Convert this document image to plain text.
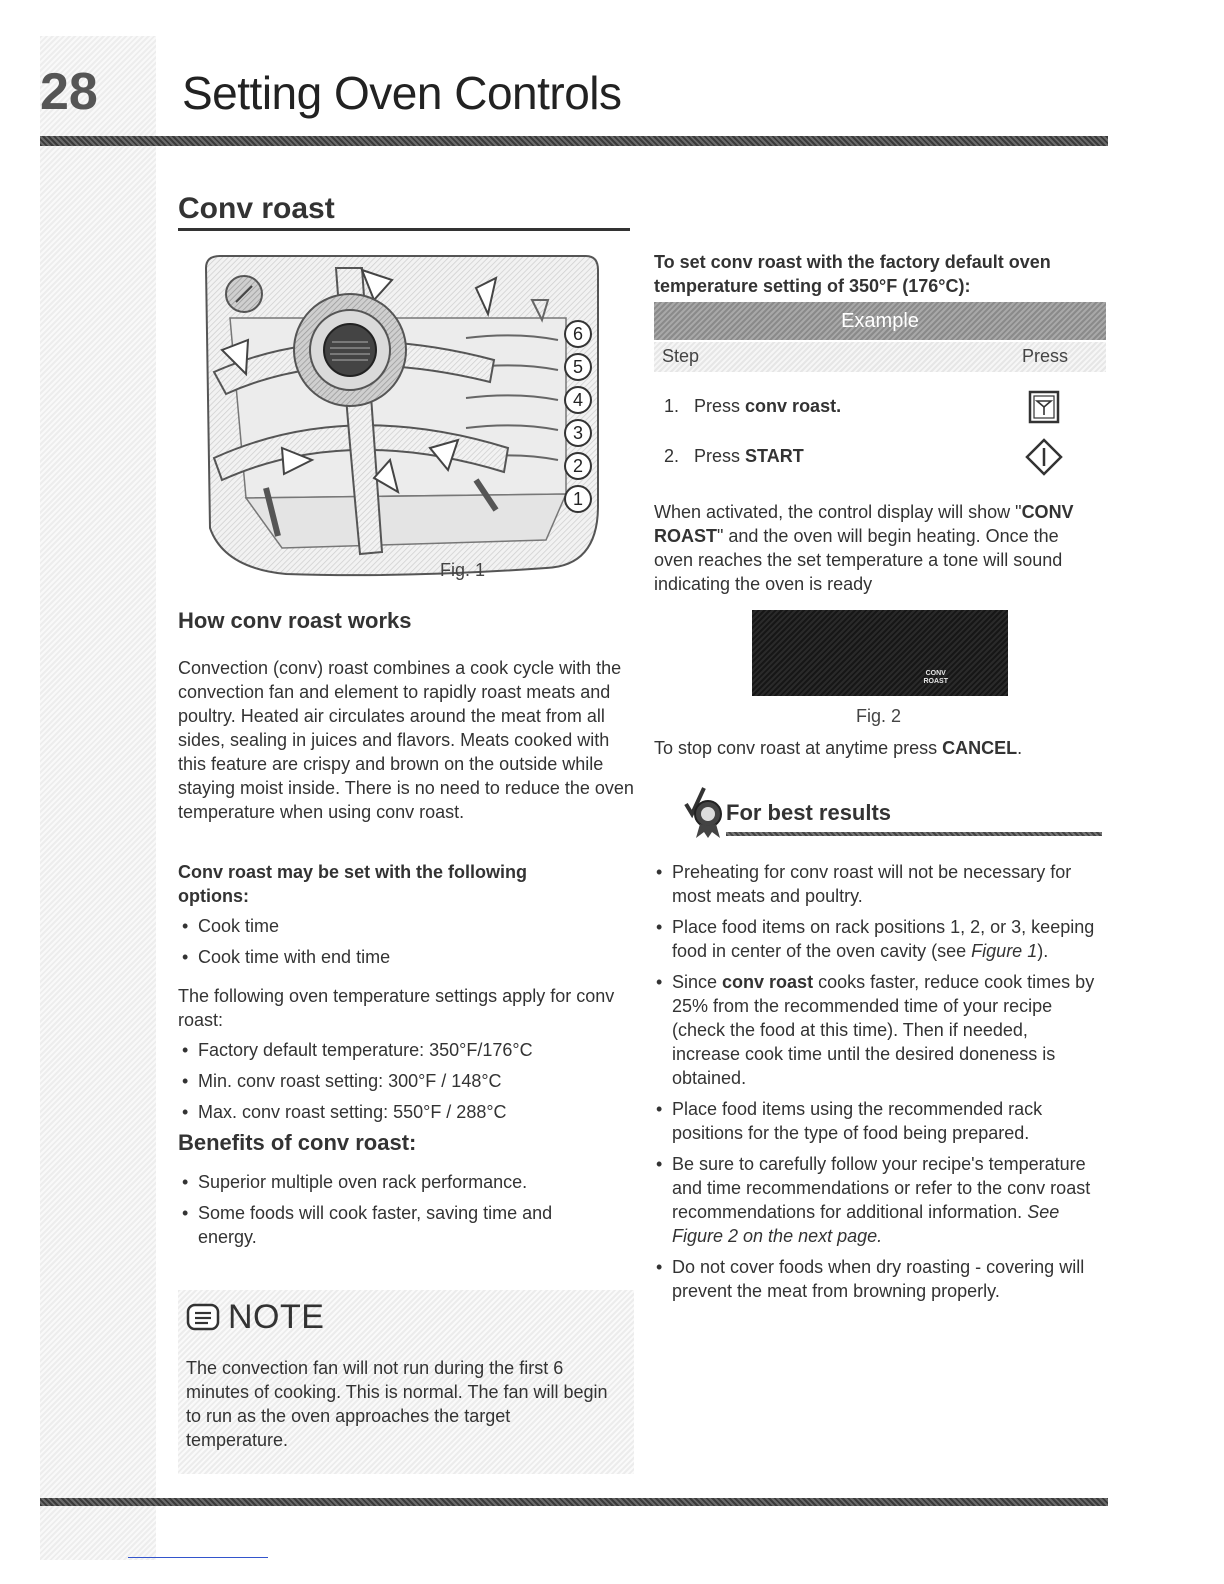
28 Setting Oven Controls
Conv roast
6
5
4
3
2
1
Fig. 1
How conv roast works
Convection (conv) roast combines a cook cycle with the convection fan and element to rapidly roast meats and poultry. Heated air circulates around the meat from all sides, sealing in juices and flavors. Meats cooked with this feature are crispy and brown on the outside while staying moist inside. There is no need to reduce the oven temperature when using conv roast.
Conv roast may be set with the following options:
• Cook time
• Cook time with end time
The following oven temperature settings apply for conv roast:
• Factory default temperature: 350°F/176°C
• Min. conv roast setting: 300°F / 148°C
• Max. conv roast setting: 550°F / 288°C
Benefits of conv roast:
• Superior multiple oven rack performance.
• Some foods will cook faster, saving time and energy.
NOTE
The convection fan will not run during the first 6 minutes of cooking. This is normal. The fan will begin to run as the oven approaches the target temperature.
To set conv roast with the factory default oven temperature setting of 350°F (176°C):
Example
Step	Press
1. Press conv roast.
2. Press START
When activated, the control display will show "CONV ROAST" and the oven will begin heating. Once the oven reaches the set temperature a tone will sound indicating the oven is ready
CONV
ROAST
Fig. 2
To stop conv roast at anytime press CANCEL.
For best results
• Preheating for conv roast will not be necessary for most meats and poultry.
• Place food items on rack positions 1, 2, or 3, keeping food in center of the oven cavity (see Figure 1).
• Since conv roast cooks faster, reduce cook times by 25% from the recommended time of your recipe (check the food at this time). Then if needed, increase cook time until the desired doneness is obtained.
• Place food items using the recommended rack positions for the type of food being prepared.
• Be sure to carefully follow your recipe's temperature and time recommendations or refer to the conv roast recommendations for additional information. See Figure 2 on the next page.
• Do not cover foods when dry roasting - covering will prevent the meat from browning properly.
